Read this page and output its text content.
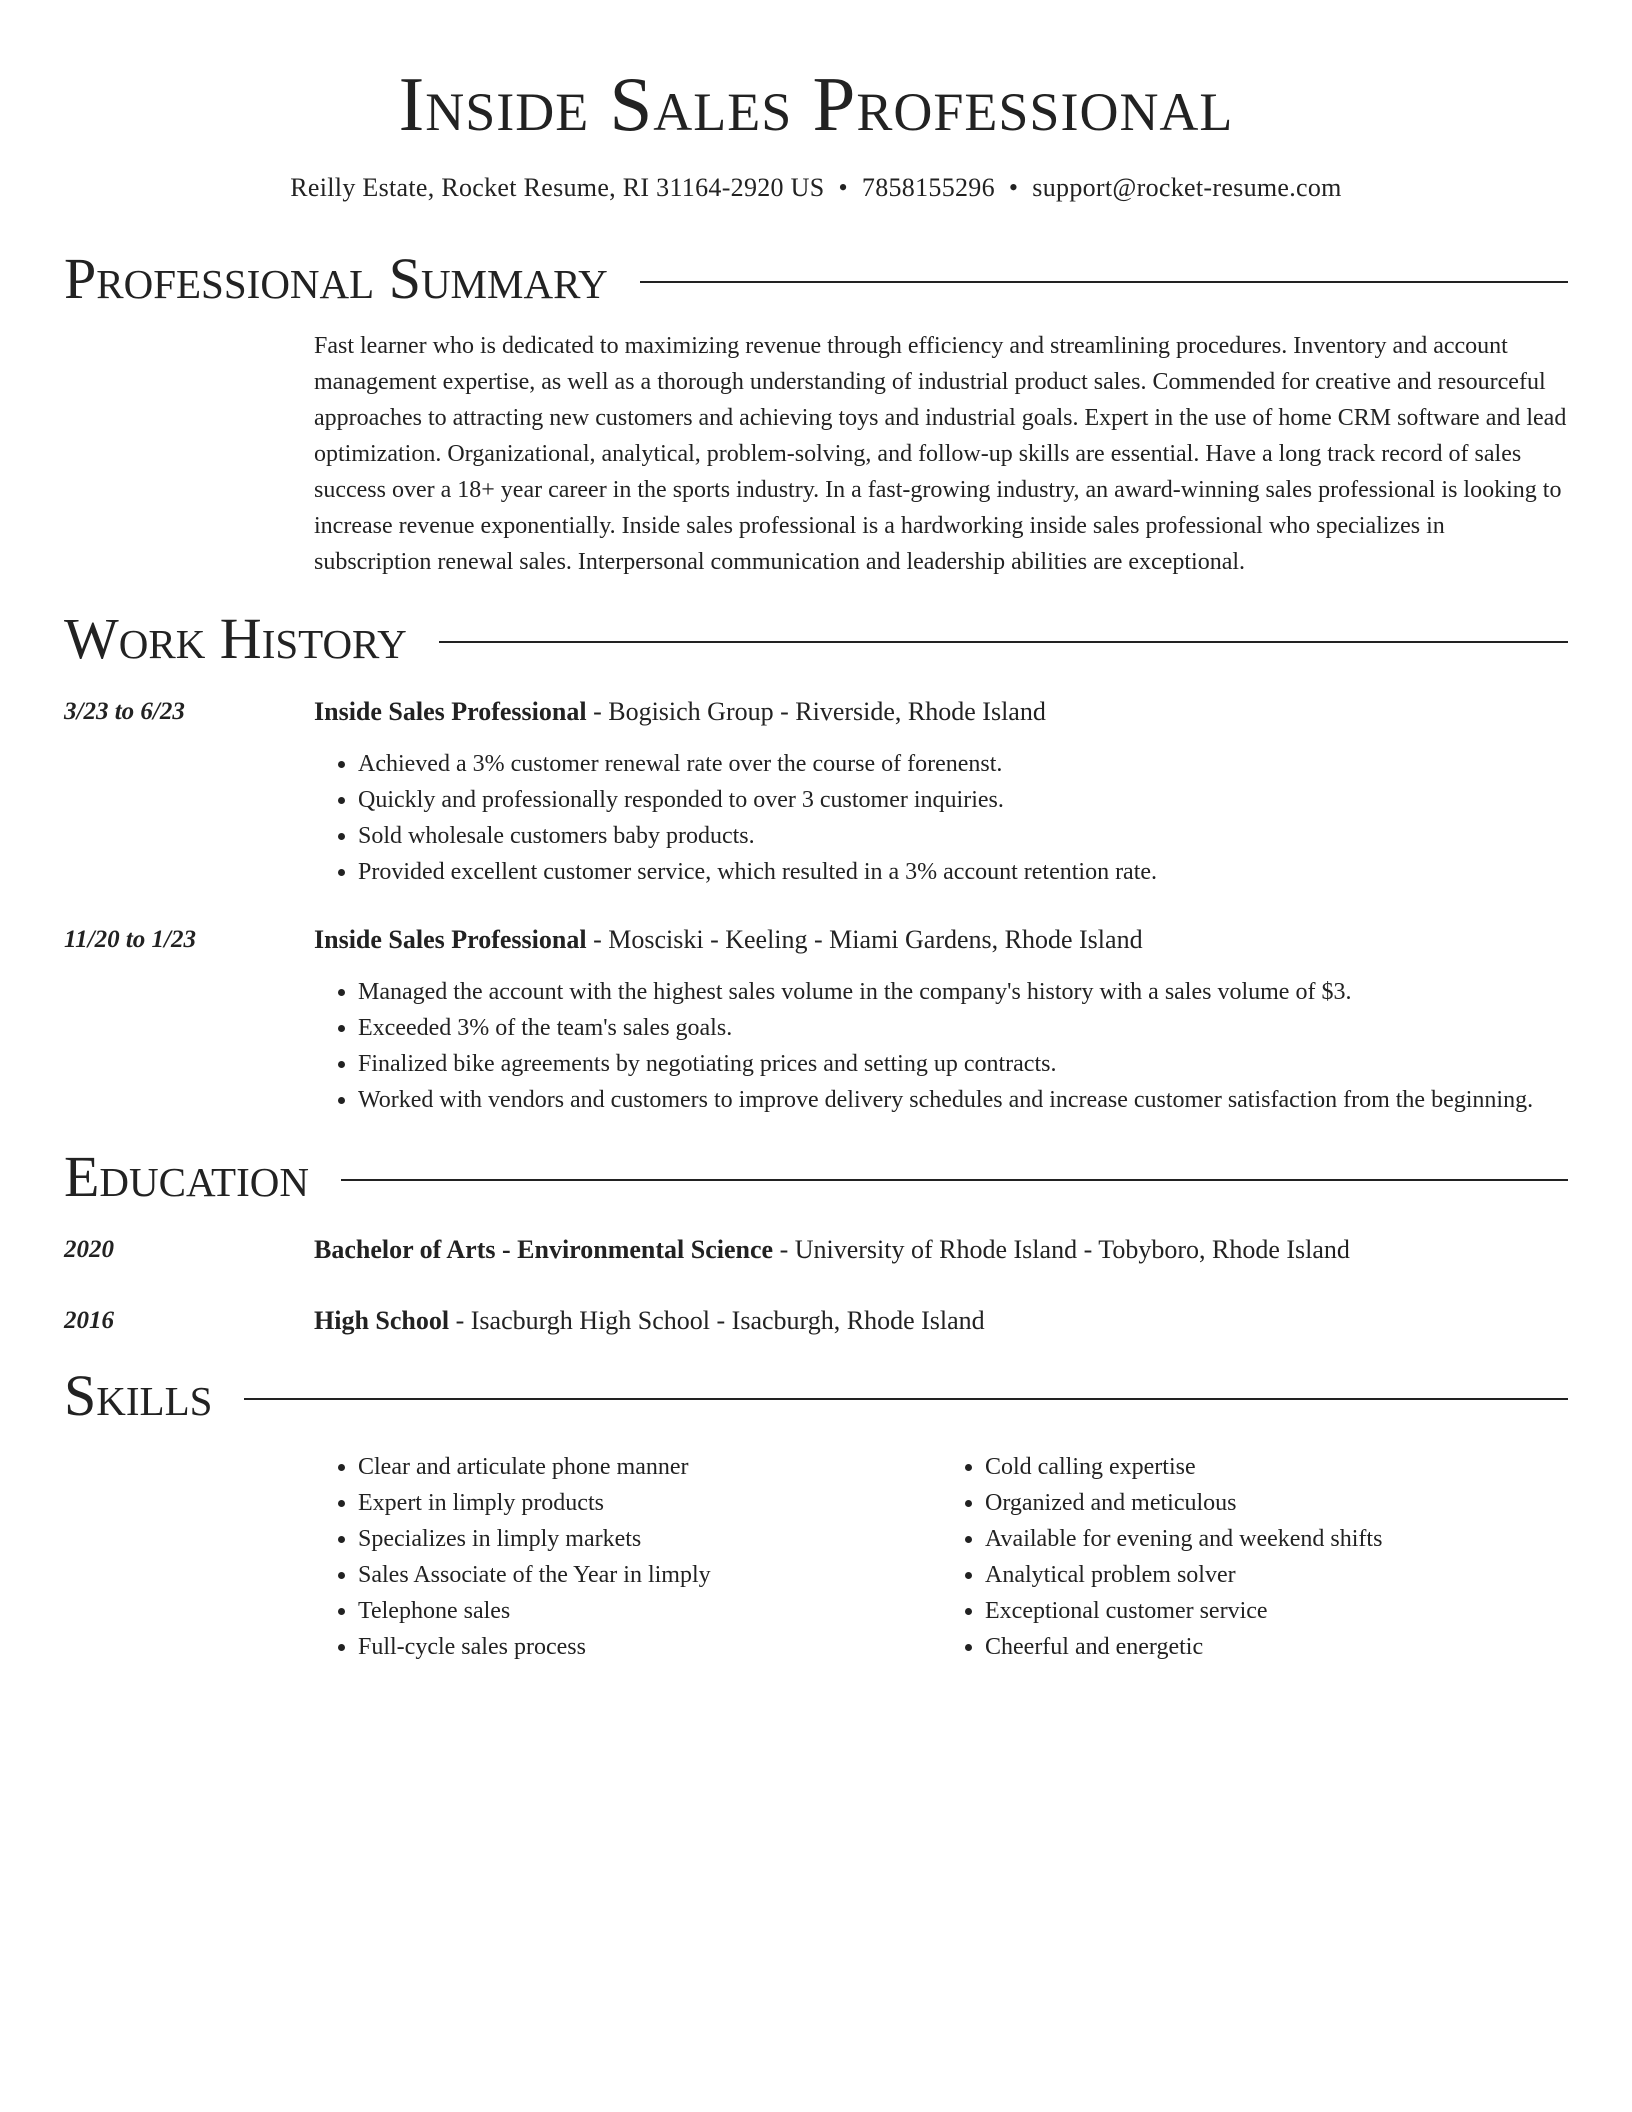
Inside Sales Professional
Reilly Estate, Rocket Resume, RI 31164-2920 US • 7858155296 • support@rocket-resume.com
Professional Summary
Fast learner who is dedicated to maximizing revenue through efficiency and streamlining procedures. Inventory and account management expertise, as well as a thorough understanding of industrial product sales. Commended for creative and resourceful approaches to attracting new customers and achieving toys and industrial goals. Expert in the use of home CRM software and lead optimization. Organizational, analytical, problem-solving, and follow-up skills are essential. Have a long track record of sales success over a 18+ year career in the sports industry. In a fast-growing industry, an award-winning sales professional is looking to increase revenue exponentially. Inside sales professional is a hardworking inside sales professional who specializes in subscription renewal sales. Interpersonal communication and leadership abilities are exceptional.
Work History
3/23 to 6/23	Inside Sales Professional - Bogisich Group - Riverside, Rhode Island
• Achieved a 3% customer renewal rate over the course of forenenst.
• Quickly and professionally responded to over 3 customer inquiries.
• Sold wholesale customers baby products.
• Provided excellent customer service, which resulted in a 3% account retention rate.
11/20 to 1/23	Inside Sales Professional - Mosciski - Keeling - Miami Gardens, Rhode Island
• Managed the account with the highest sales volume in the company's history with a sales volume of $3.
• Exceeded 3% of the team's sales goals.
• Finalized bike agreements by negotiating prices and setting up contracts.
• Worked with vendors and customers to improve delivery schedules and increase customer satisfaction from the beginning.
Education
2020	Bachelor of Arts - Environmental Science - University of Rhode Island - Tobyboro, Rhode Island
2016	High School - Isacburgh High School - Isacburgh, Rhode Island
Skills
• Clear and articulate phone manner
• Expert in limply products
• Specializes in limply markets
• Sales Associate of the Year in limply
• Telephone sales
• Full-cycle sales process
• Cold calling expertise
• Organized and meticulous
• Available for evening and weekend shifts
• Analytical problem solver
• Exceptional customer service
• Cheerful and energetic
